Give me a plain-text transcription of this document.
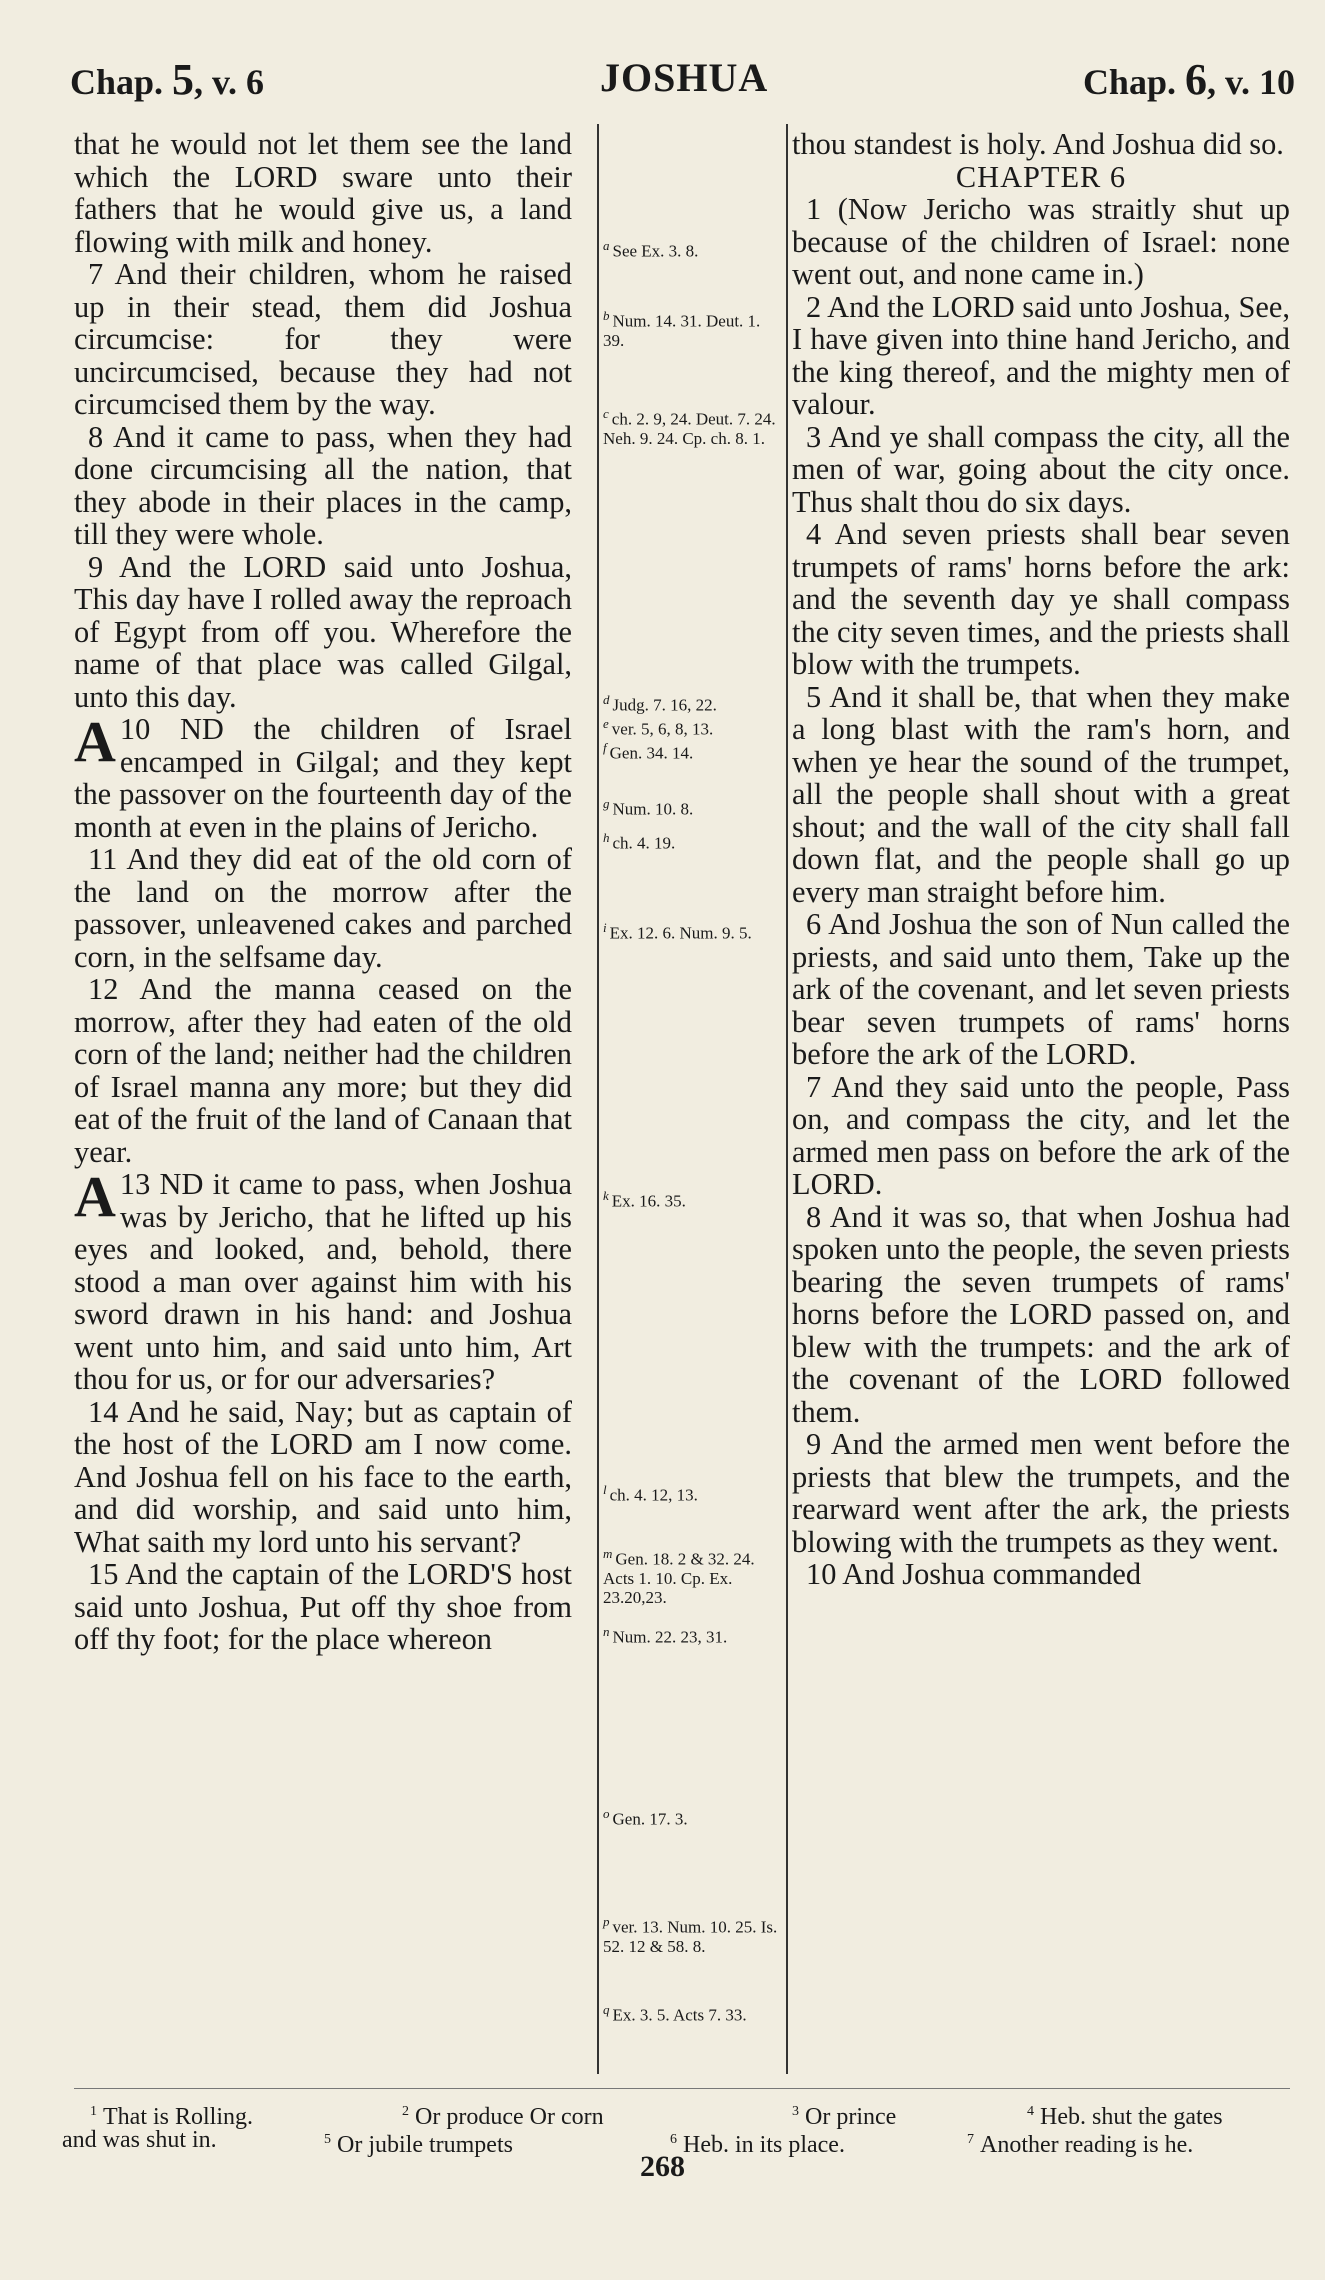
Chap. 5, v. 6	JOSHUA	Chap. 6, v. 10

that he would not let them see the land which the LORD sware unto their fathers that he would give us, a land flowing with milk and honey.

7 And their children, whom he raised up in their stead, them did Joshua circumcise: for they were uncircumcised, because they had not circumcised them by the way.

8 And it came to pass, when they had done circumcising all the nation, that they abode in their places in the camp, till they were whole.

9 And the LORD said unto Joshua, This day have I rolled away the reproach of Egypt from off you. Wherefore the name of that place was called Gilgal, unto this day.

10
A ND the children of Israel encamped in Gilgal; and they kept the passover on the fourteenth day of the month at even in the plains of Jericho.

11 And they did eat of the old corn of the land on the morrow after the passover, unleavened cakes and parched corn, in the selfsame day.

12 And the manna ceased on the morrow, after they had eaten of the old corn of the land; neither had the children of Israel manna any more; but they did eat of the fruit of the land of Canaan that year.

13
A ND it came to pass, when Joshua was by Jericho, that he lifted up his eyes and looked, and, behold, there stood a man over against him with his sword drawn in his hand: and Joshua went unto him, and said unto him, Art thou for us, or for our adversaries?

14 And he said, Nay; but as captain of the host of the LORD am I now come. And Joshua fell on his face to the earth, and did worship, and said unto him, What saith my lord unto his servant?

15 And the captain of the LORD'S host said unto Joshua, Put off thy shoe from off thy foot; for the place whereon

$^a$ See Ex. 3. 8.
$^b$ Num. 14. 31. Deut. 1. 39.
$^c$ ch. 2. 9, 24. Deut. 7. 24. Neh. 9. 24. Cp. ch. 8. 1.
$^d$ Judg. 7. 16, 22.
$^e$ ver. 5, 6, 8, 13.
$^f$ Gen. 34. 14.
$^g$ Num. 10. 8.
$^h$ ch. 4. 19.
$^i$ Ex. 12. 6. Num. 9. 5.
$^k$ Ex. 16. 35.
$^l$ ch. 4. 12, 13.
$^m$ Gen. 18. 2 & 32. 24. Acts 1. 10. Cp. Ex. 23.20,23.
$^n$ Num. 22. 23, 31.
$^o$ Gen. 17. 3.
$^p$ ver. 13. Num. 10. 25. Is. 52. 12 & 58. 8.
$^q$ Ex. 3. 5. Acts 7. 33.

thou standest is holy. And Joshua did so.

CHAPTER 6

1 (Now Jericho was straitly shut up because of the children of Israel: none went out, and none came in.)

2 And the LORD said unto Joshua, See, I have given into thine hand Jericho, and the king thereof, and the mighty men of valour.

3 And ye shall compass the city, all the men of war, going about the city once. Thus shalt thou do six days.

4 And seven priests shall bear seven trumpets of rams' horns before the ark: and the seventh day ye shall compass the city seven times, and the priests shall blow with the trumpets.

5 And it shall be, that when they make a long blast with the ram's horn, and when ye hear the sound of the trumpet, all the people shall shout with a great shout; and the wall of the city shall fall down flat, and the people shall go up every man straight before him.

6 And Joshua the son of Nun called the priests, and said unto them, Take up the ark of the covenant, and let seven priests bear seven trumpets of rams' horns before the ark of the LORD.

7 And they said unto the people, Pass on, and compass the city, and let the armed men pass on before the ark of the LORD.

8 And it was so, that when Joshua had spoken unto the people, the seven priests bearing the seven trumpets of rams' horns before the LORD passed on, and blew with the trumpets: and the ark of the covenant of the LORD followed them.

9 And the armed men went before the priests that blew the trumpets, and the rearward went after the ark, the priests blowing with the trumpets as they went.

10 And Joshua commanded

$^1$ That is Rolling.	$^2$ Or produce Or corn	$^3$ Or prince	$^4$ Heb. shut the gates
and was shut in.	$^5$ Or jubile trumpets	$^6$ Heb. in its place.	$^7$ Another reading is he.
268
